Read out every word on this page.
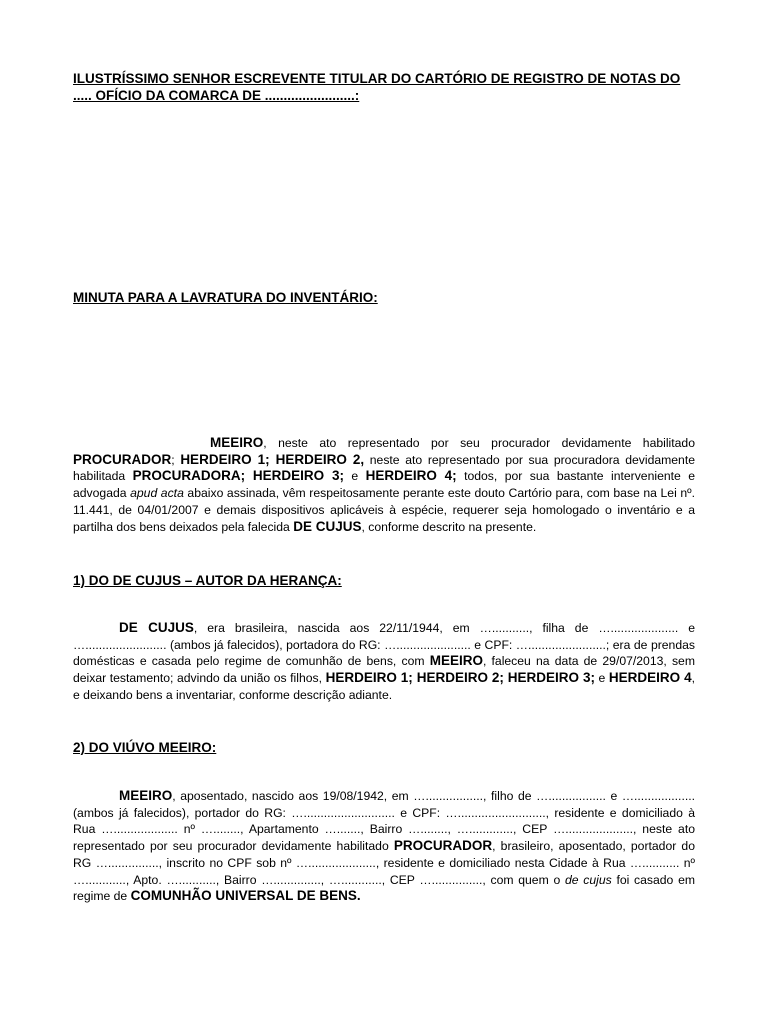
ILUSTRÍSSIMO SENHOR ESCREVENTE TITULAR DO CARTÓRIO DE REGISTRO DE NOTAS DO
..... OFÍCIO DA COMARCA DE ........................:

MINUTA PARA A LAVRATURA DO INVENTÁRIO:

MEEIRO, neste ato representado por seu procurador devidamente habilitado PROCURADOR; HERDEIRO 1; HERDEIRO 2, neste ato representado por sua procuradora devidamente habilitada PROCURADORA; HERDEIRO 3; e HERDEIRO 4; todos, por sua bastante interveniente e advogada apud acta abaixo assinada, vêm respeitosamente perante este douto Cartório para, com base na Lei nº. 11.441, de 04/01/2007 e demais dispositivos aplicáveis à espécie, requerer seja homologado o inventário e a partilha dos bens deixados pela falecida DE CUJUS, conforme descrito na presente.

1) DO DE CUJUS – AUTOR DA HERANÇA:

DE CUJUS, era brasileira, nascida aos 22/11/1944, em …..........., filha de ….................... e …........................ (ambos já falecidos), portadora do RG: …...................... e CPF: ….......................; era de prendas domésticas e casada pelo regime de comunhão de bens, com MEEIRO, faleceu na data de 29/07/2013, sem deixar testamento; advindo da união os filhos, HERDEIRO 1; HERDEIRO 2; HERDEIRO 3; e HERDEIRO 4, e deixando bens a inventariar, conforme descrição adiante.

2) DO VIÚVO MEEIRO:

MEEIRO, aposentado, nascido aos 19/08/1942, em …................., filho de …................. e ….................. (ambos já falecidos), portador do RG: …........................... e CPF: ….........................., residente e domiciliado à Rua …................... nº …........, Apartamento …......., Bairro …........, …............., CEP …...................., neste ato representado por seu procurador devidamente habilitado PROCURADOR, brasileiro, aposentado, portador do RG …..............., inscrito no CPF sob nº …...................., residente e domiciliado nesta Cidade à Rua …........... nº …............, Apto. …..........., Bairro ….............., …............, CEP …..............., com quem o de cujus foi casado em regime de COMUNHÃO UNIVERSAL DE BENS.
